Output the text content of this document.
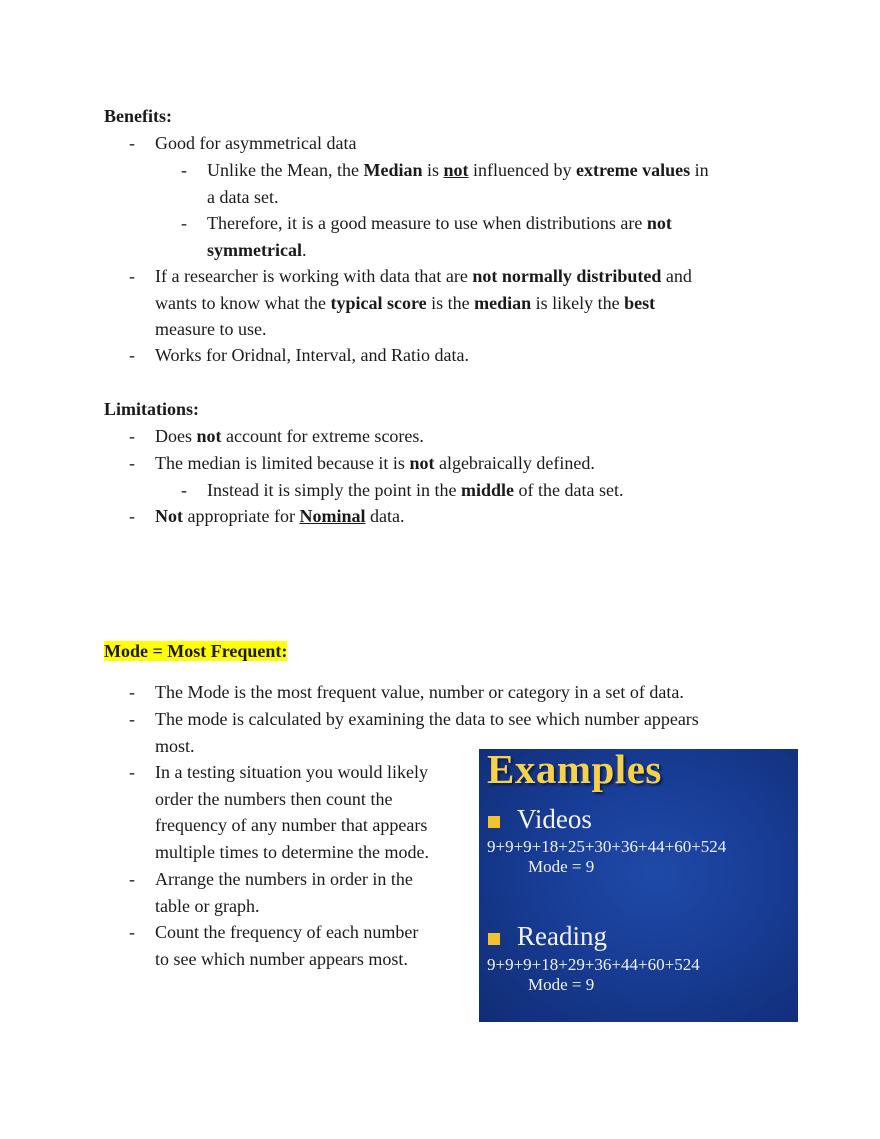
Benefits:
- Good for asymmetrical data
- Unlike the Mean, the Median is not influenced by extreme values in
a data set.
- Therefore, it is a good measure to use when distributions are not
symmetrical.
- If a researcher is working with data that are not normally distributed and
wants to know what the typical score is the median is likely the best
measure to use.
- Works for Oridnal, Interval, and Ratio data.
Limitations:
- Does not account for extreme scores.
- The median is limited because it is not algebraically defined.
- Instead it is simply the point in the middle of the data set.
- Not appropriate for Nominal data.
Mode = Most Frequent:
- The Mode is the most frequent value, number or category in a set of data.
- The mode is calculated by examining the data to see which number appears
most.
- In a testing situation you would likely
order the numbers then count the
frequency of any number that appears
multiple times to determine the mode.
- Arrange the numbers in order in the
table or graph.
- Count the frequency of each number
to see which number appears most.
Examples
Videos
9+9+9+18+25+30+36+44+60+524
Mode = 9
Reading
9+9+9+18+29+36+44+60+524
Mode = 9
